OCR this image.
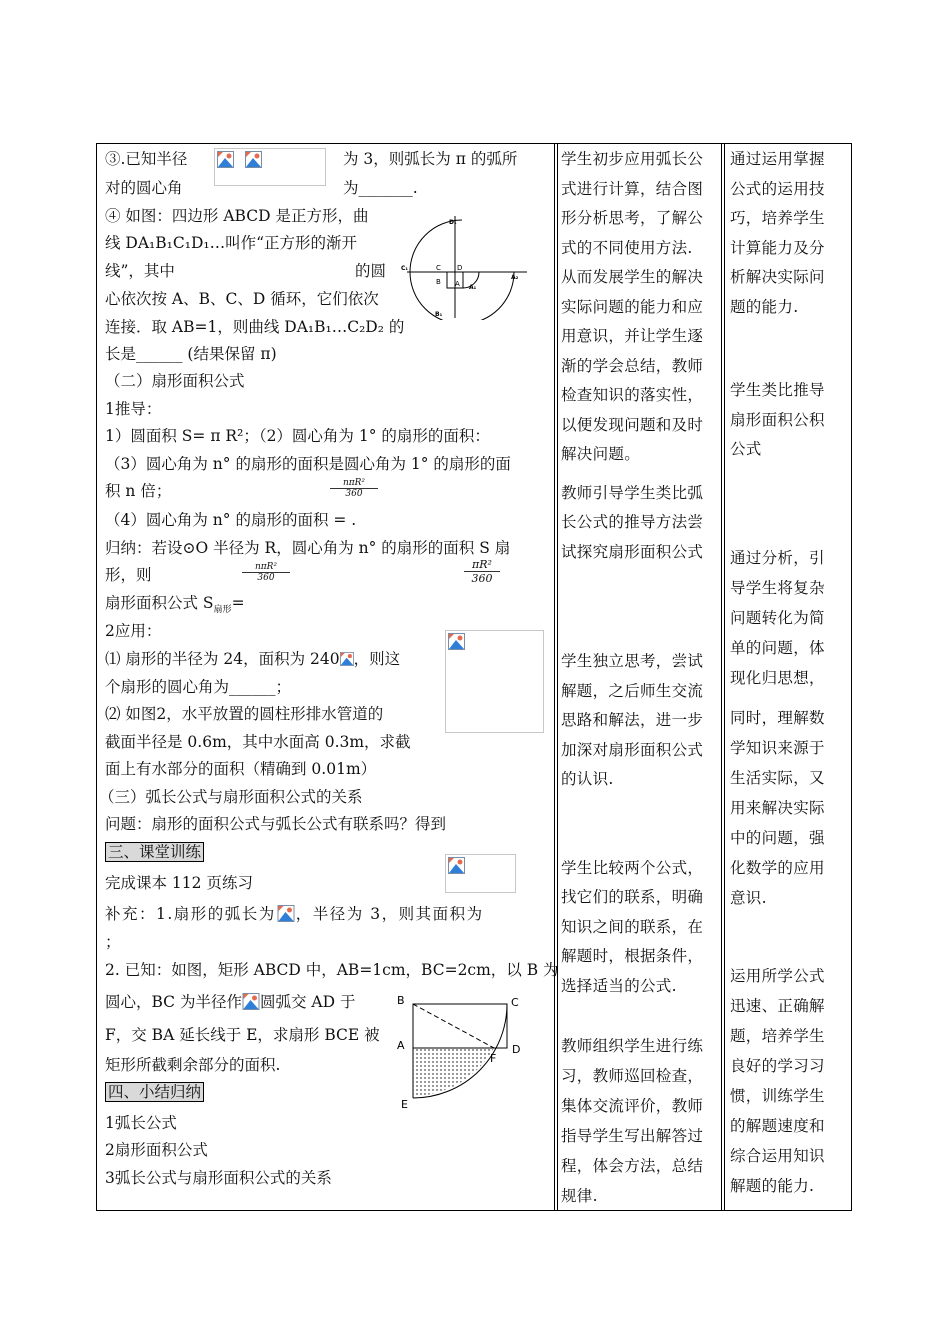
③.已知半径	为 3，则弧长为 π 的弧所
对的圆心角	为_______.
④ 如图：四边形 ABCD 是正方形，曲
线 DA₁B₁C₁D₁…叫作“正方形的渐开
线”，其中	的圆
心依次按 A、B、C、D 循环，它们依次
连接．取 AB=1，则曲线 DA₁B₁…C₂D₂ 的
长是______ (结果保留 π)
D₁
C₁	C D
B A A₁
A₂
B₁
（二）扇形面积公式
1推导：
1）圆面积 S= π R²；（2）圆心角为 1° 的扇形的面积：
（3）圆心角为 n° 的扇形的面积是圆心角为 1° 的扇形的面
积 n 倍；	nπR²
360
（4）圆心角为 n° 的扇形的面积 = .
归纳：若设⊙O 半径为 R，圆心角为 n° 的扇形的面积 S 扇
形，则	nπR²
360	$\frac{\text{πR²}}{360}$
扇形面积公式 $S_{扇形}=$
2应用：
⑴ 扇形的半径为 24，面积为 240 ，则这
个扇形的圆心角为______；
⑵ 如图2，水平放置的圆柱形排水管道的
截面半径是 0.6m，其中水面高 0.3m，求截
面上有水部分的面积（精确到 0.01m）
（三）弧长公式与扇形面积公式的关系
问题：扇形的面积公式与弧长公式有联系吗？得到
三、课堂训练
完成课本 112 页练习
补充：1.扇形的弧长为 ，半径为 3，则其面积为
；
2. 已知：如图，矩形 ABCD 中，AB=1cm，BC=2cm，以 B 为
圆心，BC 为半径作 圆弧交 AD 于
F，交 BA 延长线于 E，求扇形 BCE 被
矩形所截剩余部分的面积.
B	C
A	D
F
E
四、小结归纳
1弧长公式
2扇形面积公式
3弧长公式与扇形面积公式的关系
学生初步应用弧长公
式进行计算，结合图
形分析思考，了解公
式的不同使用方法.
从而发展学生的解决
实际问题的能力和应
用意识，并让学生逐
渐的学会总结，教师
检查知识的落实性，
以便发现问题和及时
解决问题。
教师引导学生类比弧
长公式的推导方法尝
试探究扇形面积公式
学生独立思考，尝试
解题，之后师生交流
思路和解法，进一步
加深对扇形面积公式
的认识.
学生比较两个公式，
找它们的联系，明确
知识之间的联系，在
解题时，根据条件，
选择适当的公式.
教师组织学生进行练
习，教师巡回检查，
集体交流评价，教师
指导学生写出解答过
程，体会方法，总结
规律.
通过运用掌握
公式的运用技
巧，培养学生
计算能力及分
析解决实际问
题的能力.
学生类比推导
扇形面积公积
公式
通过分析，引
导学生将复杂
问题转化为简
单的问题，体
现化归思想，
同时，理解数
学知识来源于
生活实际，又
用来解决实际
中的问题，强
化数学的应用
意识.
运用所学公式
迅速、正确解
题，培养学生
良好的学习习
惯，训练学生
的解题速度和
综合运用知识
解题的能力.
